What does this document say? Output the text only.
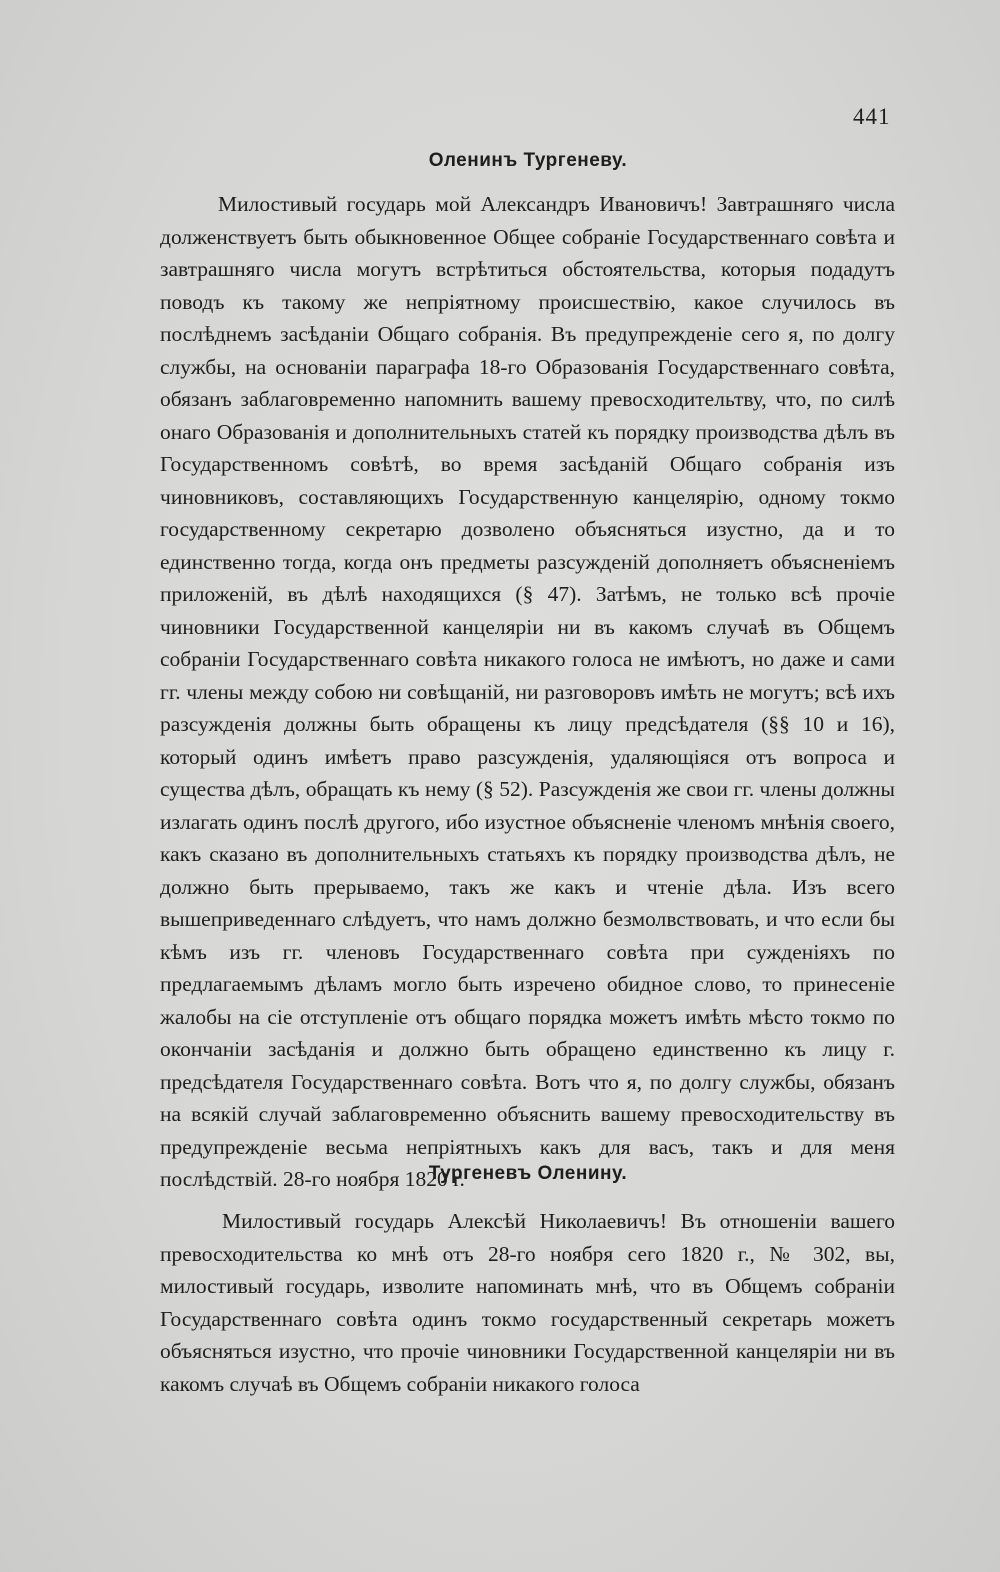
441
Оленинъ Тургеневу.
Милостивый государь мой Александръ Ивановичъ! Завтрашняго числа долженствуетъ быть обыкновенное Общее собранiе Государственнаго совѣта и завтрашняго числа могутъ встрѣтиться обстоятельства, которыя подадутъ поводъ къ такому же непрiятному происшествiю, какое случилось въ послѣднемъ засѣданiи Общаго собранiя. Въ предупрежденiе сего я, по долгу службы, на основанiи параграфа 18-го Образованiя Государственнаго совѣта, обязанъ заблаговременно напомнить вашему превосходительтву, что, по силѣ онаго Образованiя и дополнительныхъ статей къ порядку производства дѣлъ въ Государственномъ совѣтѣ, во время засѣданiй Общаго собранiя изъ чиновниковъ, составляющихъ Государственную канцелярiю, одному токмо государственному секретарю дозволено объясняться изустно, да и то единственно тогда, когда онъ предметы разсужденiй дополняетъ объясненiемъ приложенiй, въ дѣлѣ находящихся (§ 47). Затѣмъ, не только всѣ прочiе чиновники Государственной канцелярiи ни въ какомъ случаѣ въ Общемъ собранiи Государственнаго совѣта никакого голоса не имѣютъ, но даже и сами гг. члены между собою ни совѣщанiй, ни разговоровъ имѣть не могутъ; всѣ ихъ разсужденiя должны быть обращены къ лицу предсѣдателя (§§ 10 и 16), который одинъ имѣетъ право разсужденiя, удаляющiяся отъ вопроса и существа дѣлъ, обращать къ нему (§ 52). Разсужденiя же свои гг. члены должны излагать одинъ послѣ другого, ибо изустное объясненiе членомъ мнѣнiя своего, какъ сказано въ дополнительныхъ статьяхъ къ порядку производства дѣлъ, не должно быть прерываемо, такъ же какъ и чтенiе дѣла. Изъ всего вышеприведеннаго слѣдуетъ, что намъ должно безмолвствовать, и что если бы кѣмъ изъ гг. членовъ Государственнаго совѣта при сужденiяхъ по предлагаемымъ дѣламъ могло быть изречено обидное слово, то принесенiе жалобы на сiе отступленiе отъ общаго порядка можетъ имѣть мѣсто токмо по окончанiи засѣданiя и должно быть обращено единственно къ лицу г. предсѣдателя Государственнаго совѣта. Вотъ что я, по долгу службы, обязанъ на всякiй случай заблаговременно объяснить вашему превосходительству въ предупрежденiе весьма непрiятныхъ какъ для васъ, такъ и для меня послѣдствiй. 28-го ноября 1820 г.
Тургеневъ Оленину.
Милостивый государь Алексѣй Николаевичъ! Въ отношенiи вашего превосходительства ко мнѣ отъ 28-го ноября сего 1820 г., № 302, вы, милостивый государь, изволите напоминать мнѣ, что въ Общемъ собранiи Государственнаго совѣта одинъ токмо государственный секретарь можетъ объясняться изустно, что прочiе чиновники Государственной канцелярiи ни въ какомъ случаѣ въ Общемъ собранiи никакого голоса
